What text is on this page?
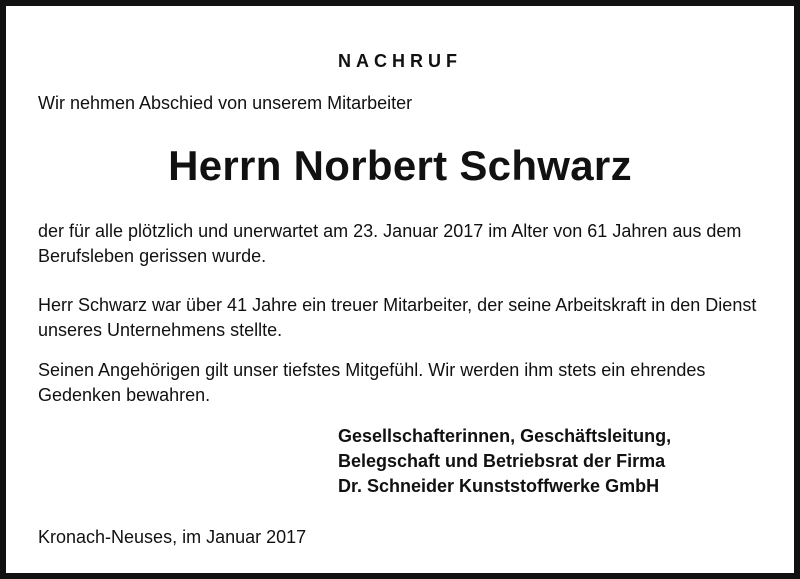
NACHRUF
Wir nehmen Abschied von unserem Mitarbeiter
Herrn Norbert Schwarz
der für alle plötzlich und unerwartet am 23. Januar 2017 im Alter von 61 Jahren aus dem Berufsleben gerissen wurde.
Herr Schwarz war über 41 Jahre ein treuer Mitarbeiter, der seine Arbeitskraft in den Dienst unseres Unternehmens stellte.
Seinen Angehörigen gilt unser tiefstes Mitgefühl. Wir werden ihm stets ein ehrendes Gedenken bewahren.
Gesellschafterinnen, Geschäftsleitung,
Belegschaft und Betriebsrat der Firma
Dr. Schneider Kunststoffwerke GmbH
Kronach-Neuses, im Januar 2017
